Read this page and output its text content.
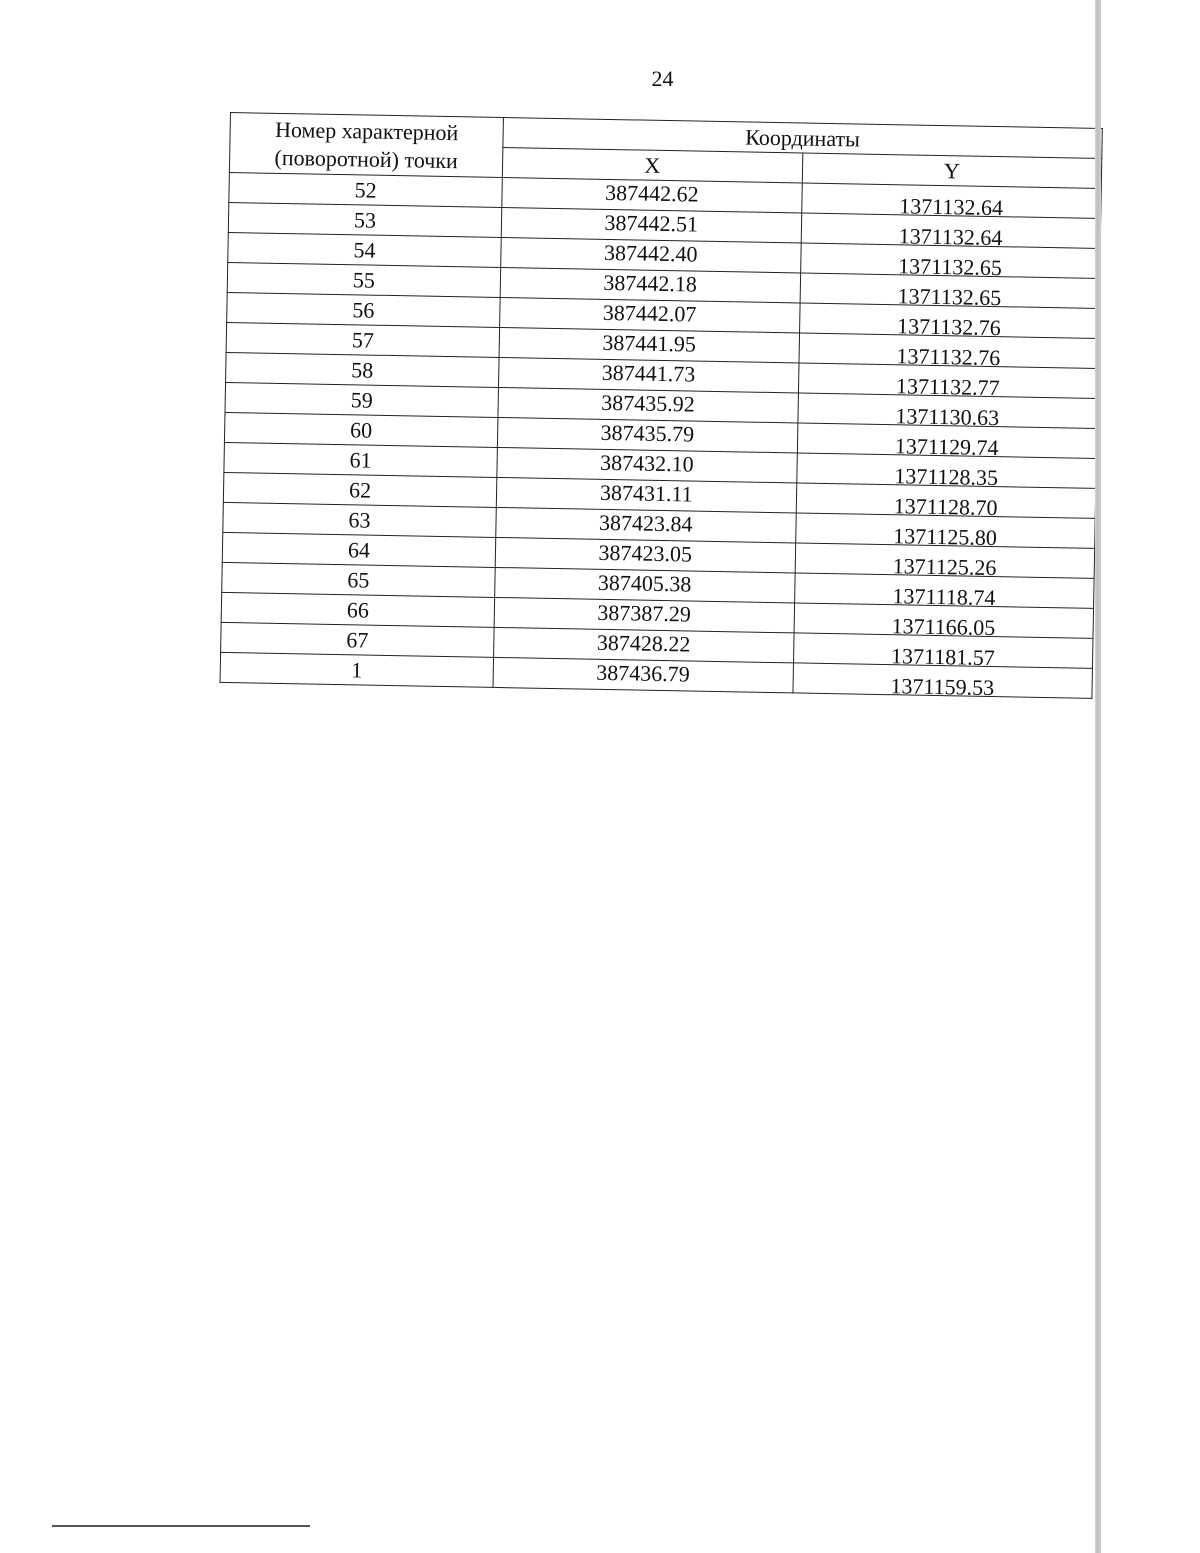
24
Номер характерной (поворотной) точки	Координаты	
	X	Y
52	387442.62	1371132.64
53	387442.51	1371132.64
54	387442.40	1371132.65
55	387442.18	1371132.65
56	387442.07	1371132.76
57	387441.95	1371132.76
58	387441.73	1371132.77
59	387435.92	1371130.63
60	387435.79	1371129.74
61	387432.10	1371128.35
62	387431.11	1371128.70
63	387423.84	1371125.80
64	387423.05	1371125.26
65	387405.38	1371118.74
66	387387.29	1371166.05
67	387428.22	1371181.57
1	387436.79	1371159.53
